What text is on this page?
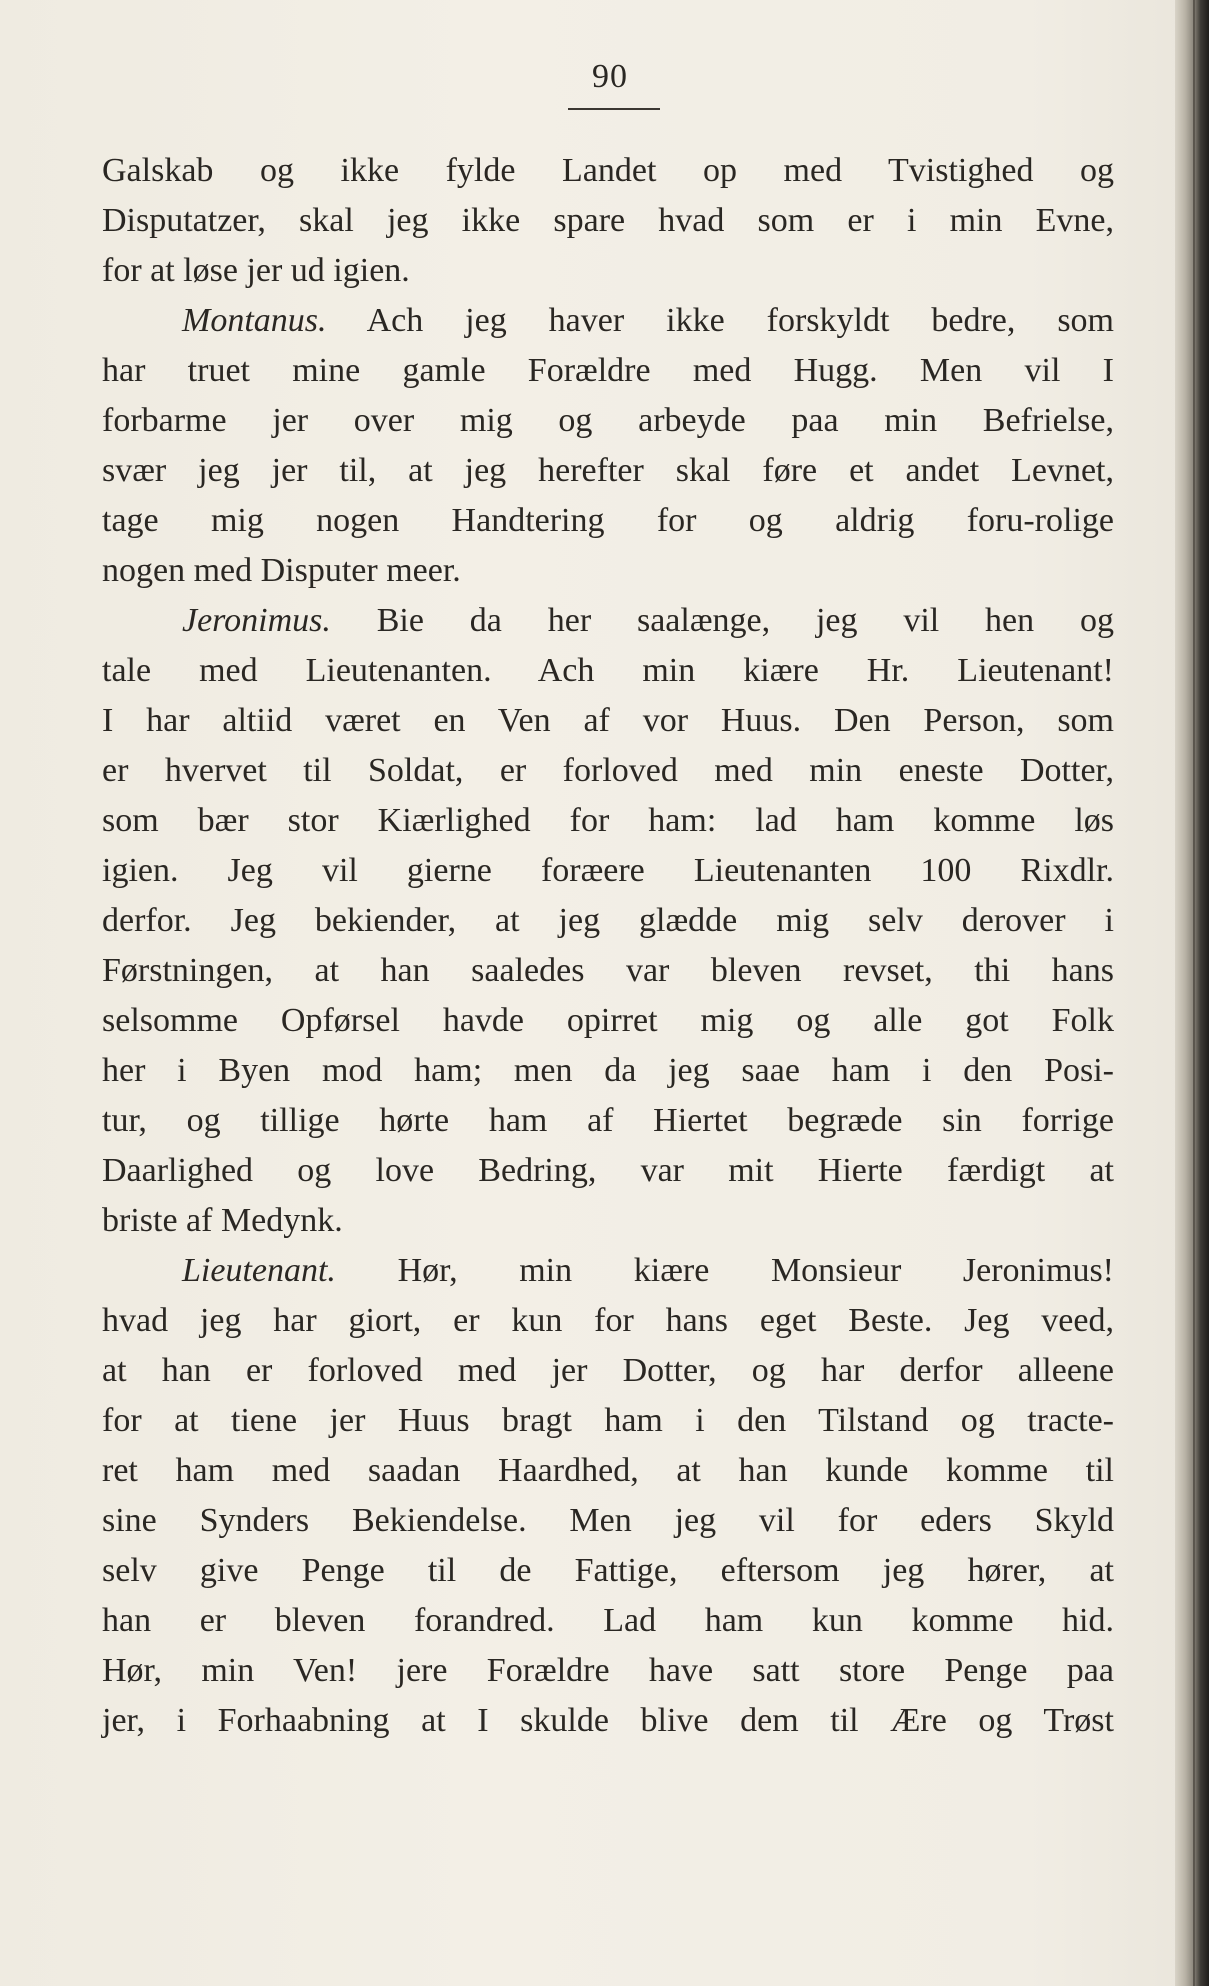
90
Galskab og ikke fylde Landet op med Tvistighed og
Disputatzer, skal jeg ikke spare hvad som er i min Evne,
for at løse jer ud igien.
Montanus. Ach jeg haver ikke forskyldt bedre, som
har truet mine gamle Forældre med Hugg. Men vil I
forbarme jer over mig og arbeyde paa min Befrielse,
svær jeg jer til, at jeg herefter skal føre et andet Levnet,
tage mig nogen Handtering for og aldrig foru-rolige
nogen med Disputer meer.
Jeronimus. Bie da her saalænge, jeg vil hen og
tale med Lieutenanten. Ach min kiære Hr. Lieutenant!
I har altiid været en Ven af vor Huus. Den Person, som
er hvervet til Soldat, er forloved med min eneste Dotter,
som bær stor Kiærlighed for ham: lad ham komme løs
igien. Jeg vil gierne foræere Lieutenanten 100 Rixdlr.
derfor. Jeg bekiender, at jeg glædde mig selv derover i
Førstningen, at han saaledes var bleven revset, thi hans
selsomme Opførsel havde opirret mig og alle got Folk
her i Byen mod ham; men da jeg saae ham i den Posi-
tur, og tillige hørte ham af Hiertet begræde sin forrige
Daarlighed og love Bedring, var mit Hierte færdigt at
briste af Medynk.
Lieutenant. Hør, min kiære Monsieur Jeronimus!
hvad jeg har giort, er kun for hans eget Beste. Jeg veed,
at han er forloved med jer Dotter, og har derfor alleene
for at tiene jer Huus bragt ham i den Tilstand og tracte-
ret ham med saadan Haardhed, at han kunde komme til
sine Synders Bekiendelse. Men jeg vil for eders Skyld
selv give Penge til de Fattige, eftersom jeg hører, at
han er bleven forandred. Lad ham kun komme hid.
Hør, min Ven! jere Forældre have satt store Penge paa
jer, i Forhaabning at I skulde blive dem til Ære og Trøst
